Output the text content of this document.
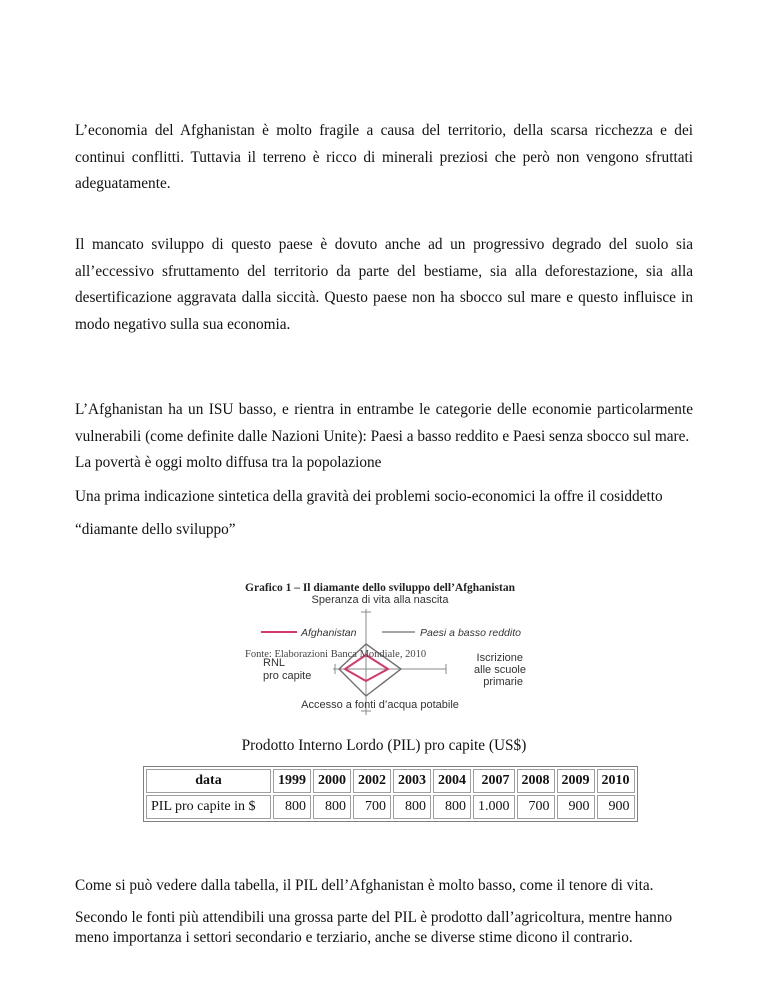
L’economia del Afghanistan è molto fragile a causa del territorio, della scarsa ricchezza e dei continui conflitti. Tuttavia il terreno è ricco di minerali preziosi che però non vengono sfruttati adeguatamente.

Il mancato sviluppo di questo paese è dovuto anche ad un progressivo degrado del suolo sia all’eccessivo sfruttamento del territorio da parte del bestiame, sia alla deforestazione, sia alla desertificazione aggravata dalla siccità. Questo paese non ha sbocco sul mare e questo influisce in modo negativo sulla sua economia.

L’Afghanistan ha un ISU basso, e rientra in entrambe le categorie delle economie particolarmente vulnerabili (come definite dalle Nazioni Unite): Paesi a basso reddito e Paesi senza sbocco sul mare.

La povertà è oggi molto diffusa tra la popolazione

Una prima indicazione sintetica della gravità dei problemi socio-economici la offre il cosiddetto

“diamante dello sviluppo”

Grafico 1 – Il diamante dello sviluppo dell’Afghanistan
Speranza di vita alla nascita
RNL
pro capite
Iscrizione
alle scuole
primarie
Accesso a fonti d’acqua potabile
Afghanistan	Paesi a basso reddito
Fonte: Elaborazioni Banca Mondiale, 2010
Prodotto Interno Lordo (PIL) pro capite (US$)
data	1999	2000	2002	2003	2004	2007	2008	2009	2010
PIL pro capite in $	800	800	700	800	800	1.000	700	900	900

Come si può vedere dalla tabella, il PIL dell’Afghanistan è molto basso, come il tenore di vita.

Secondo le fonti più attendibili una grossa parte del PIL è prodotto dall’agricoltura, mentre hanno meno importanza i settori secondario e terziario, anche se diverse stime dicono il contrario.
